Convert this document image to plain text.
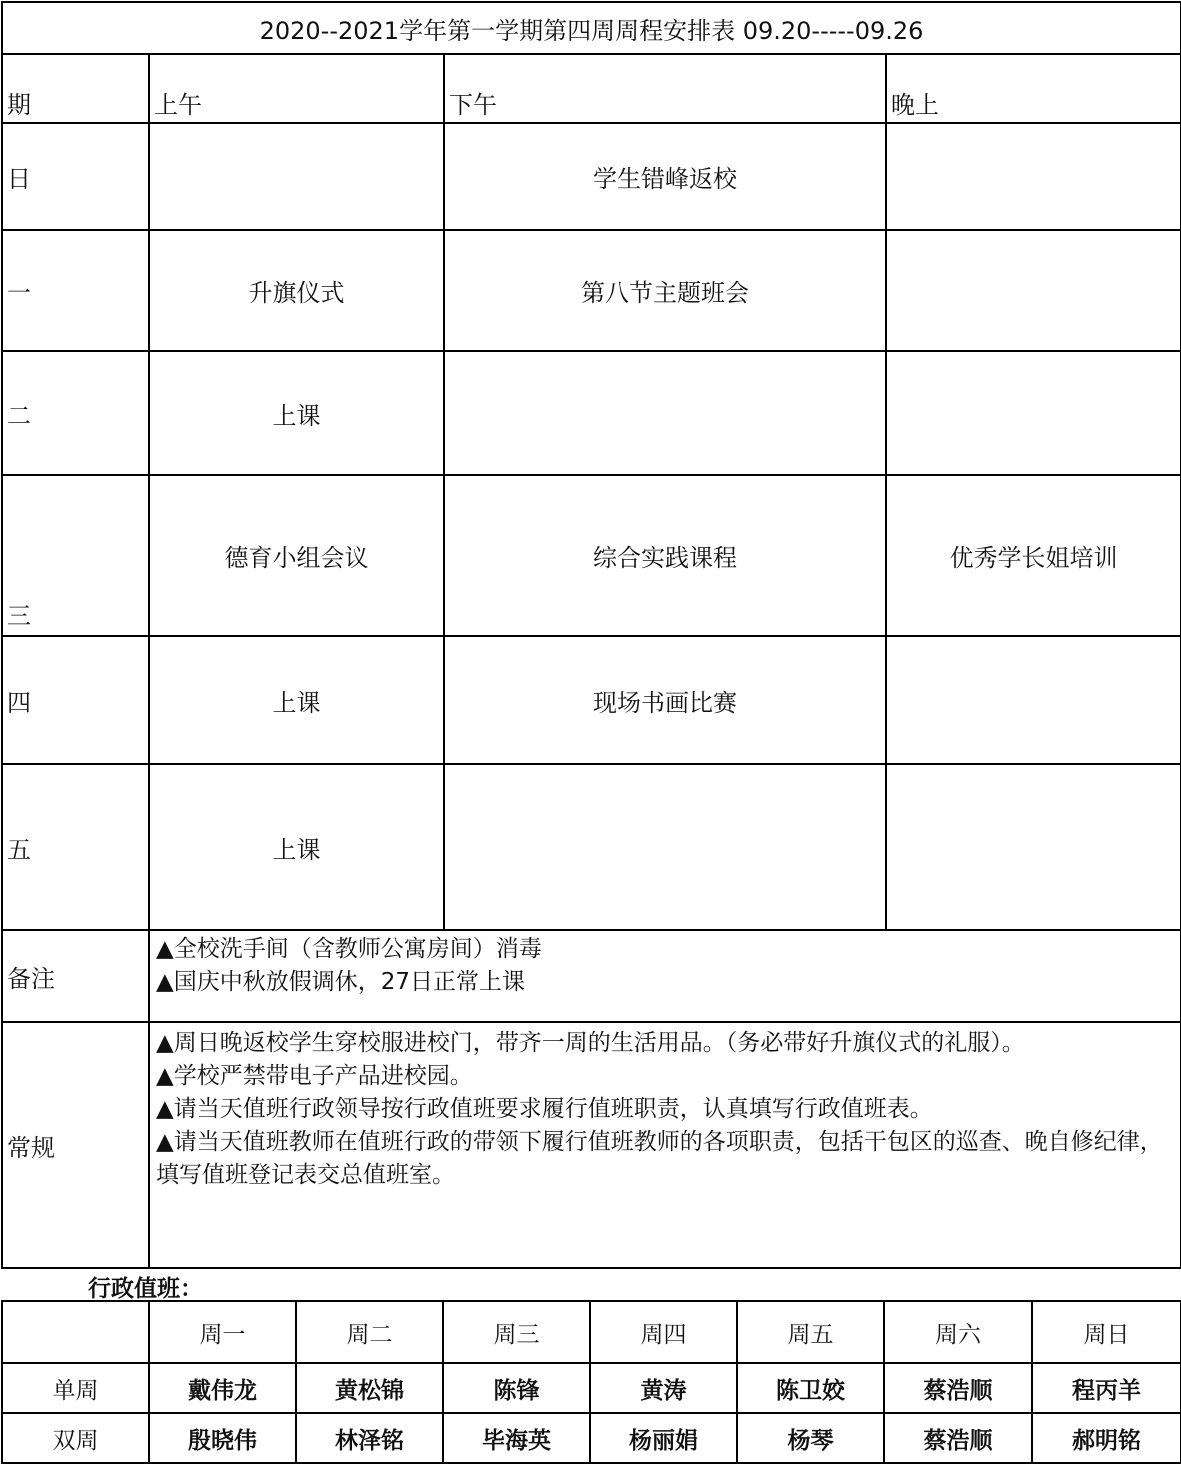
2020--2021学年第一学期第四周周程安排表 09.20-----09.26			
期	上午	下午	晚上
日		学生错峰返校	
一	升旗仪式	第八节主题班会	
二	上课		
三	德育小组会议	综合实践课程	优秀学长姐培训
四	上课	现场书画比赛	
五	上课		
备注	▲全校洗手间（含教师公寓房间）消毒
▲国庆中秋放假调休，27日正常上课		

常规	▲周日晚返校学生穿校服进校门，带齐一周的生活用品。（务必带好升旗仪式的礼服）。
▲学校严禁带电子产品进校园。
▲请当天值班行政领导按行政值班要求履行值班职责，认真填写行政值班表。
▲请当天值班教师在值班行政的带领下履行值班教师的各项职责，包括干包区的巡查、晚自修纪律，填写值班登记表交总值班室。		
行政值班：
	周一	周二	周三	周四	周五	周六	周日
单周	戴伟龙	黄松锦	陈锋	黄涛	陈卫姣	蔡浩顺	程丙羊
双周	殷晓伟	林泽铭	毕海英	杨丽娟	杨琴	蔡浩顺	郝明铭
